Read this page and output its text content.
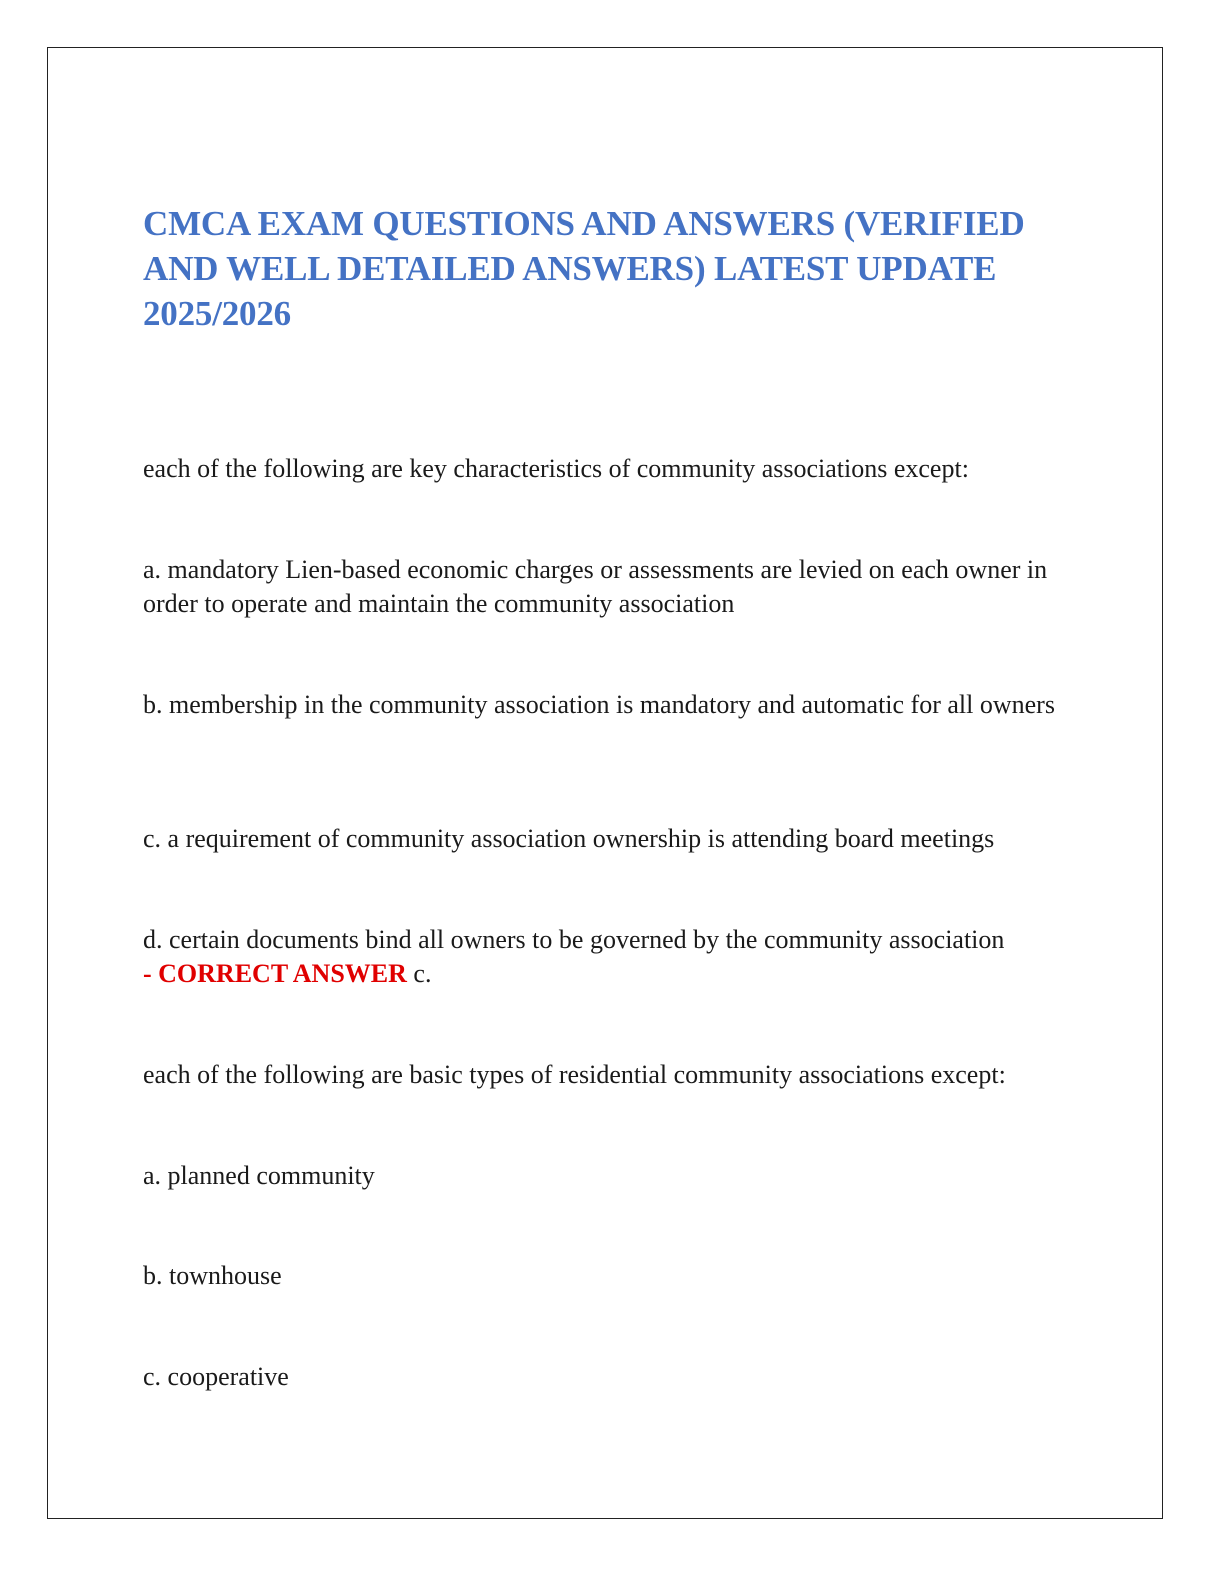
CMCA EXAM QUESTIONS AND ANSWERS (VERIFIED AND WELL DETAILED ANSWERS) LATEST UPDATE 2025/2026

each of the following are key characteristics of community associations except:

a. mandatory Lien-based economic charges or assessments are levied on each owner in order to operate and maintain the community association

b. membership in the community association is mandatory and automatic for all owners

c. a requirement of community association ownership is attending board meetings

d. certain documents bind all owners to be governed by the community association
- CORRECT ANSWER c.

each of the following are basic types of residential community associations except:

a. planned community

b. townhouse

c. cooperative
